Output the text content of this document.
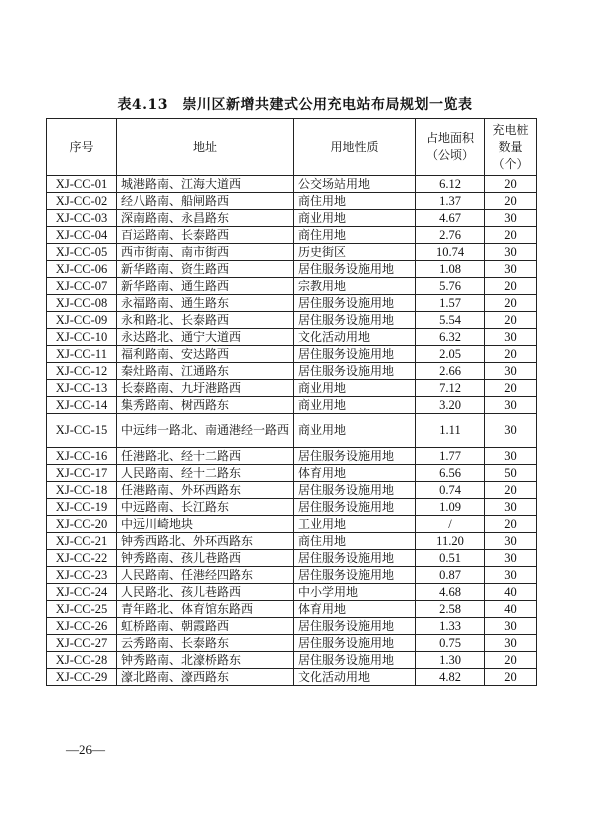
表4.13　崇川区新增共建式公用充电站布局规划一览表
序号	地址	用地性质	占地面积（公顷）	充电桩数量（个）
XJ-CC-01	城港路南、江海大道西	公交场站用地	6.12	20
XJ-CC-02	经八路南、船闸路西	商住用地	1.37	20
XJ-CC-03	深南路南、永昌路东	商业用地	4.67	30
XJ-CC-04	百运路南、长泰路西	商住用地	2.76	20
XJ-CC-05	西市街南、南市街西	历史街区	10.74	30
XJ-CC-06	新华路南、资生路西	居住服务设施用地	1.08	30
XJ-CC-07	新华路南、通生路西	宗教用地	5.76	20
XJ-CC-08	永福路南、通生路东	居住服务设施用地	1.57	20
XJ-CC-09	永和路北、长泰路西	居住服务设施用地	5.54	20
XJ-CC-10	永达路北、通宁大道西	文化活动用地	6.32	30
XJ-CC-11	福利路南、安达路西	居住服务设施用地	2.05	20
XJ-CC-12	秦灶路南、江通路东	居住服务设施用地	2.66	30
XJ-CC-13	长泰路南、九圩港路西	商业用地	7.12	20
XJ-CC-14	集秀路南、树西路东	商业用地	3.20	30
XJ-CC-15	中远纬一路北、南通港经一路西	商业用地	1.11	30
XJ-CC-16	任港路北、经十二路西	居住服务设施用地	1.77	30
XJ-CC-17	人民路南、经十二路东	体育用地	6.56	50
XJ-CC-18	任港路南、外环西路东	居住服务设施用地	0.74	20
XJ-CC-19	中远路南、长江路东	居住服务设施用地	1.09	30
XJ-CC-20	中远川崎地块	工业用地	/	20
XJ-CC-21	钟秀西路北、外环西路东	商住用地	11.20	30
XJ-CC-22	钟秀路南、孩儿巷路西	居住服务设施用地	0.51	30
XJ-CC-23	人民路南、任港经四路东	居住服务设施用地	0.87	30
XJ-CC-24	人民路北、孩儿巷路西	中小学用地	4.68	40
XJ-CC-25	青年路北、体育馆东路西	体育用地	2.58	40
XJ-CC-26	虹桥路南、朝霞路西	居住服务设施用地	1.33	30
XJ-CC-27	云秀路南、长泰路东	居住服务设施用地	0.75	30
XJ-CC-28	钟秀路南、北濠桥路东	居住服务设施用地	1.30	20
XJ-CC-29	濠北路南、濠西路东	文化活动用地	4.82	20
—26—
